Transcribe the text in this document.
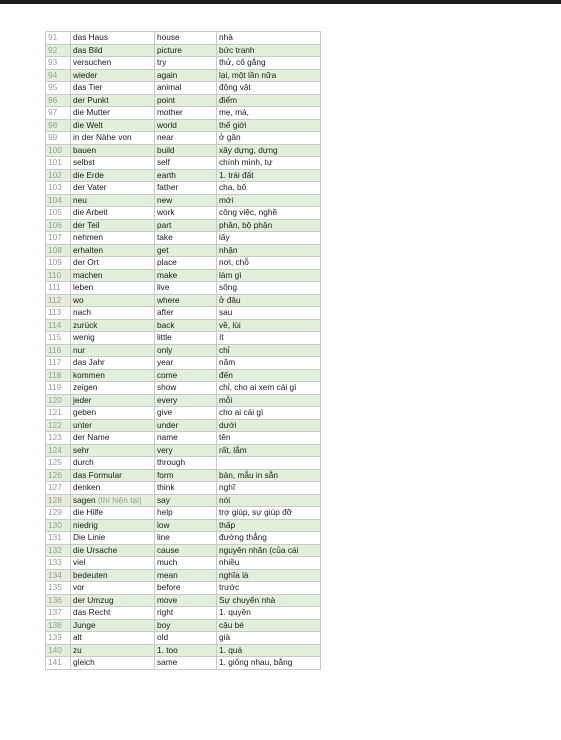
91	das Haus	house	nhà
92	das Bild	picture	bức tranh
93	versuchen	try	thử, cố gắng
94	wieder	again	lại, một lần nữa
95	das Tier	animal	động vật
96	der Punkt	point	điểm
97	die Mutter	mother	mẹ, má,
98	die Welt	world	thế giới
99	in der Nähe von	near	ở gần
100	bauen	build	xây dựng, dựng
101	selbst	self	chính mình, tự
102	die Erde	earth	1. trái đất
103	der Vater	father	cha, bố
104	neu	new	mới
105	die Arbeit	work	công việc, nghề
106	der Teil	part	phần, bộ phận
107	nehmen	take	lấy
108	erhalten	get	nhận
109	der Ort	place	nơi, chỗ
110	machen	make	làm gì
111	leben	live	sống
112	wo	where	ở đâu
113	nach	after	sau
114	zurück	back	về, lùi
115	wenig	little	ít
116	nur	only	chỉ
117	das Jahr	year	năm
118	kommen	come	đến
119	zeigen	show	chỉ, cho ai xem cái gì
120	jeder	every	mỗi
121	geben	give	cho ai cái gì
122	unter	under	dưới
123	der Name	name	tên
124	sehr	very	rất, lắm
125	durch	through	
126	das Formular	form	bản, mẫu in sẵn
127	denken	think	nghĩ
128	sagen (thì hiện tại)	say	nói
129	die Hilfe	help	trợ giúp, sự giúp đỡ
130	niedrig	low	thấp
131	Die Linie	line	đường thẳng
132	die Ursache	cause	nguyên nhân (của cái
133	viel	much	nhiều
134	bedeuten	mean	nghĩa là
135	vor	before	trước
136	der Umzug	move	Sự chuyển nhà
137	das Recht	right	1. quyền
138	Junge	boy	cậu bé
139	alt	old	già
140	zu	1. too	1. quá
141	gleich	same	1. giống nhau, bằng
